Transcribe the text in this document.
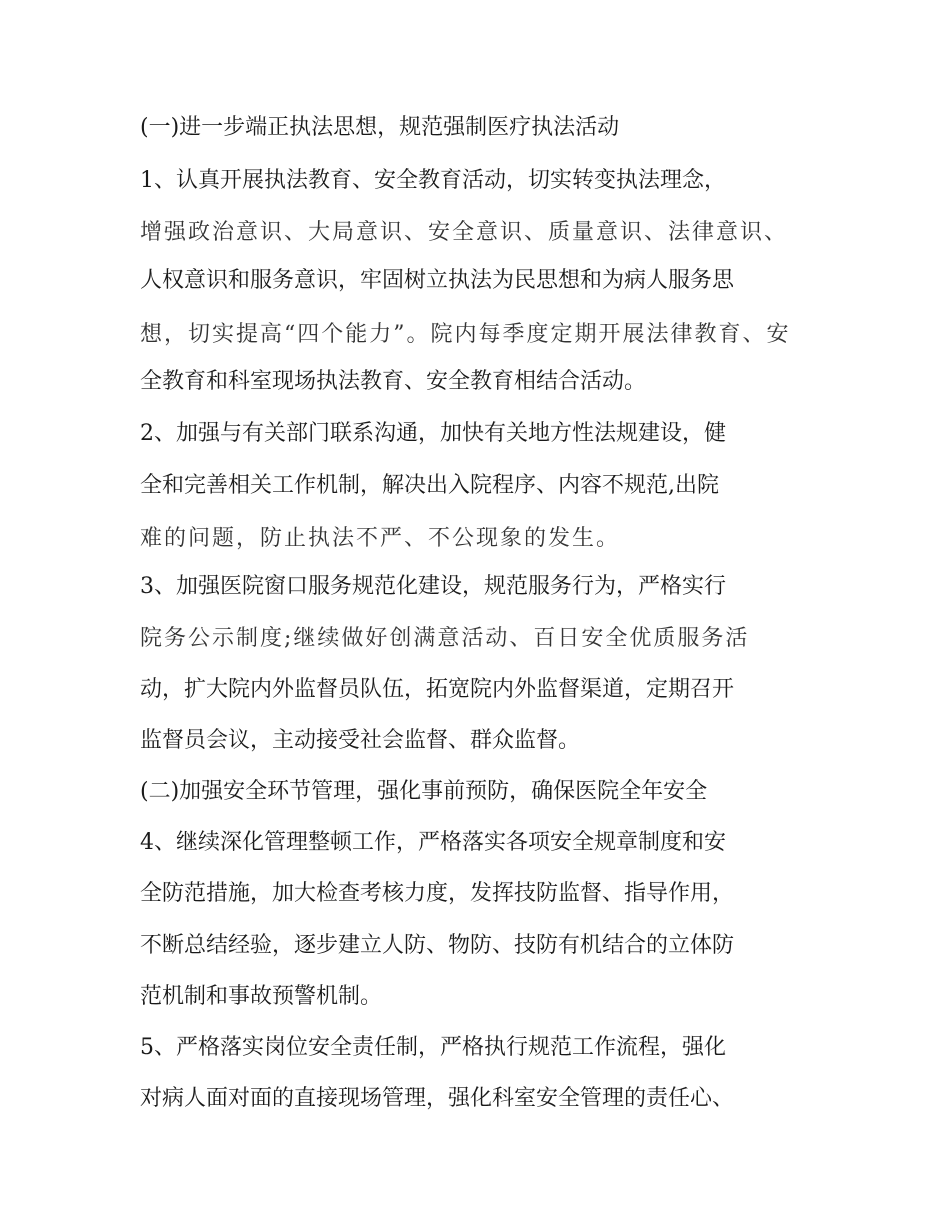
(一)进一步端正执法思想，规范强制医疗执法活动
1、认真开展执法教育、安全教育活动，切实转变执法理念，
增强政治意识、大局意识、安全意识、质量意识、法律意识、
人权意识和服务意识，牢固树立执法为民思想和为病人服务思
想，切实提高“四个能力”。院内每季度定期开展法律教育、安
全教育和科室现场执法教育、安全教育相结合活动。
2、加强与有关部门联系沟通，加快有关地方性法规建设，健
全和完善相关工作机制，解决出入院程序、内容不规范,出院
难的问题，防止执法不严、不公现象的发生。
3、加强医院窗口服务规范化建设，规范服务行为，严格实行
院务公示制度;继续做好创满意活动、百日安全优质服务活
动，扩大院内外监督员队伍，拓宽院内外监督渠道，定期召开
监督员会议，主动接受社会监督、群众监督。
(二)加强安全环节管理，强化事前预防，确保医院全年安全
4、继续深化管理整顿工作，严格落实各项安全规章制度和安
全防范措施，加大检查考核力度，发挥技防监督、指导作用，
不断总结经验，逐步建立人防、物防、技防有机结合的立体防
范机制和事故预警机制。
5、严格落实岗位安全责任制，严格执行规范工作流程，强化
对病人面对面的直接现场管理，强化科室安全管理的责任心、
